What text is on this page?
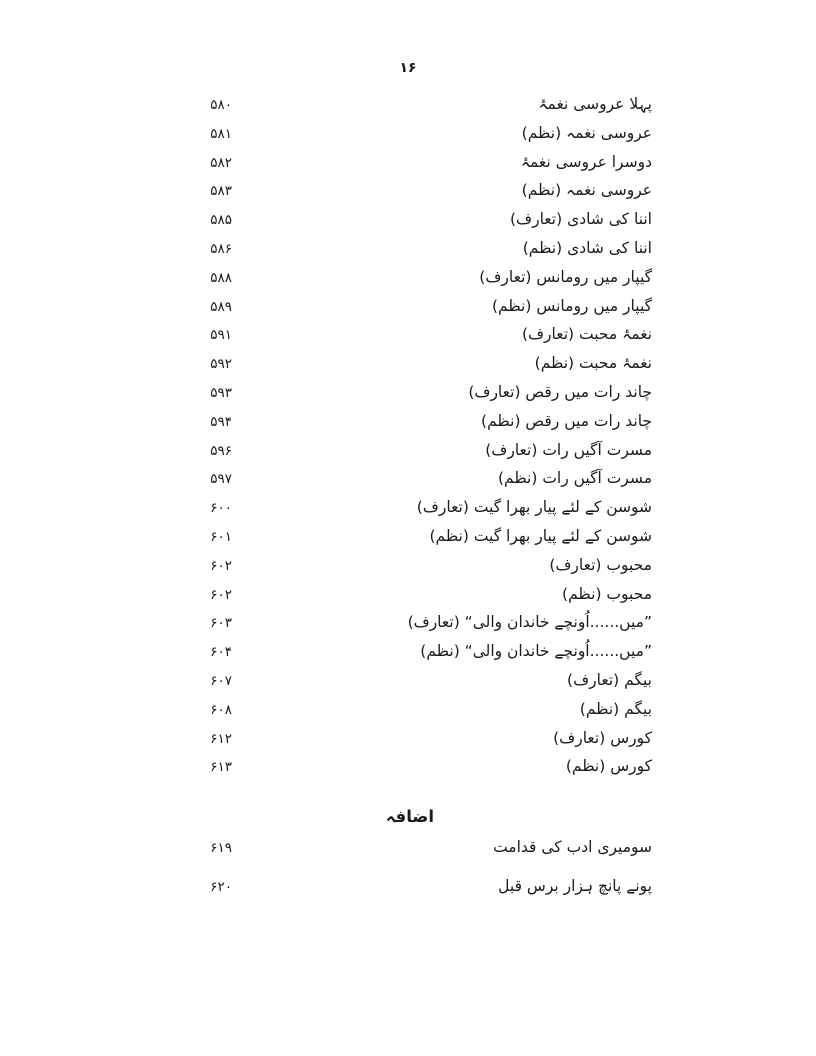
۱۶
۵۸۰	پہلا عروسی نغمۂ
۵۸۱	عروسی نغمہ (نظم)
۵۸۲	دوسرا عروسی نغمۂ
۵۸۳	عروسی نغمہ (نظم)
۵۸۵	اننا کی شادی (تعارف)
۵۸۶	اننا کی شادی (نظم)
۵۸۸	گیپار میں رومانس (تعارف)
۵۸۹	گیپار میں رومانس (نظم)
۵۹۱	نغمۂ محبت (تعارف)
۵۹۲	نغمۂ محبت (نظم)
۵۹۳	چاند رات میں رقص (تعارف)
۵۹۴	چاند رات میں رقص (نظم)
۵۹۶	مسرت آگیں رات (تعارف)
۵۹۷	مسرت آگیں رات (نظم)
۶۰۰	شوسن کے لئے پیار بھرا گیت (تعارف)
۶۰۱	شوسن کے لئے پیار بھرا گیت (نظم)
۶۰۲	محبوب (تعارف)
۶۰۲	محبوب (نظم)
۶۰۳	”میں......اُونچے خاندان والی“ (تعارف)
۶۰۴	”میں......اُونچے خاندان والی“ (نظم)
۶۰۷	بیگم (تعارف)
۶۰۸	بیگم (نظم)
۶۱۲	کورس (تعارف)
۶۱۳	کورس (نظم)
اضافہ
۶۱۹	سومیری ادب کی قدامت
۶۲۰	پونے پانچ ہزار برس قبل
